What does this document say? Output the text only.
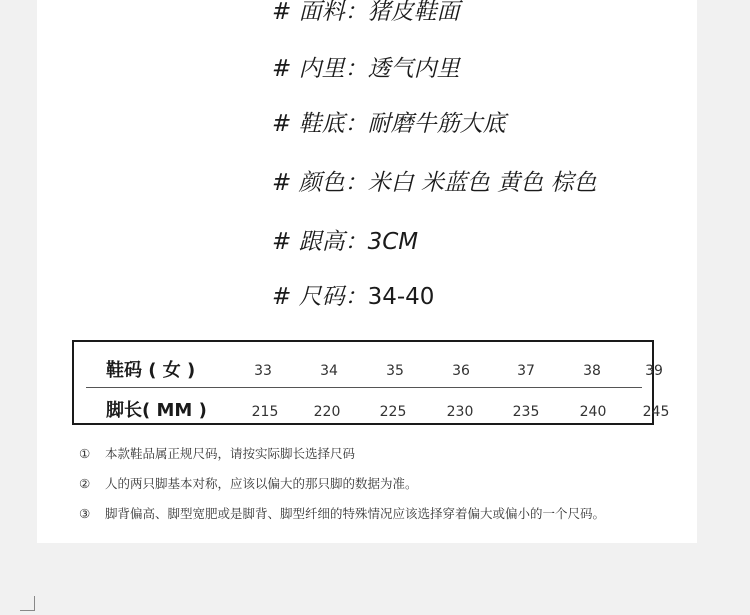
# 面料：猪皮鞋面
# 内里：透气内里
# 鞋底：耐磨牛筋大底
# 颜色：米白 米蓝色 黄色 棕色
# 跟高：3CM
# 尺码：34-40
鞋码 ( 女 )	33	34	35	36	37	38	39
脚长( MM )	215	220	225	230	235	240	245
① 本款鞋品属正规尺码，请按实际脚长选择尺码
② 人的两只脚基本对称，应该以偏大的那只脚的数据为准。
③ 脚背偏高、脚型宽肥或是脚背、脚型纤细的特殊情况应该选择穿着偏大或偏小的一个尺码。
